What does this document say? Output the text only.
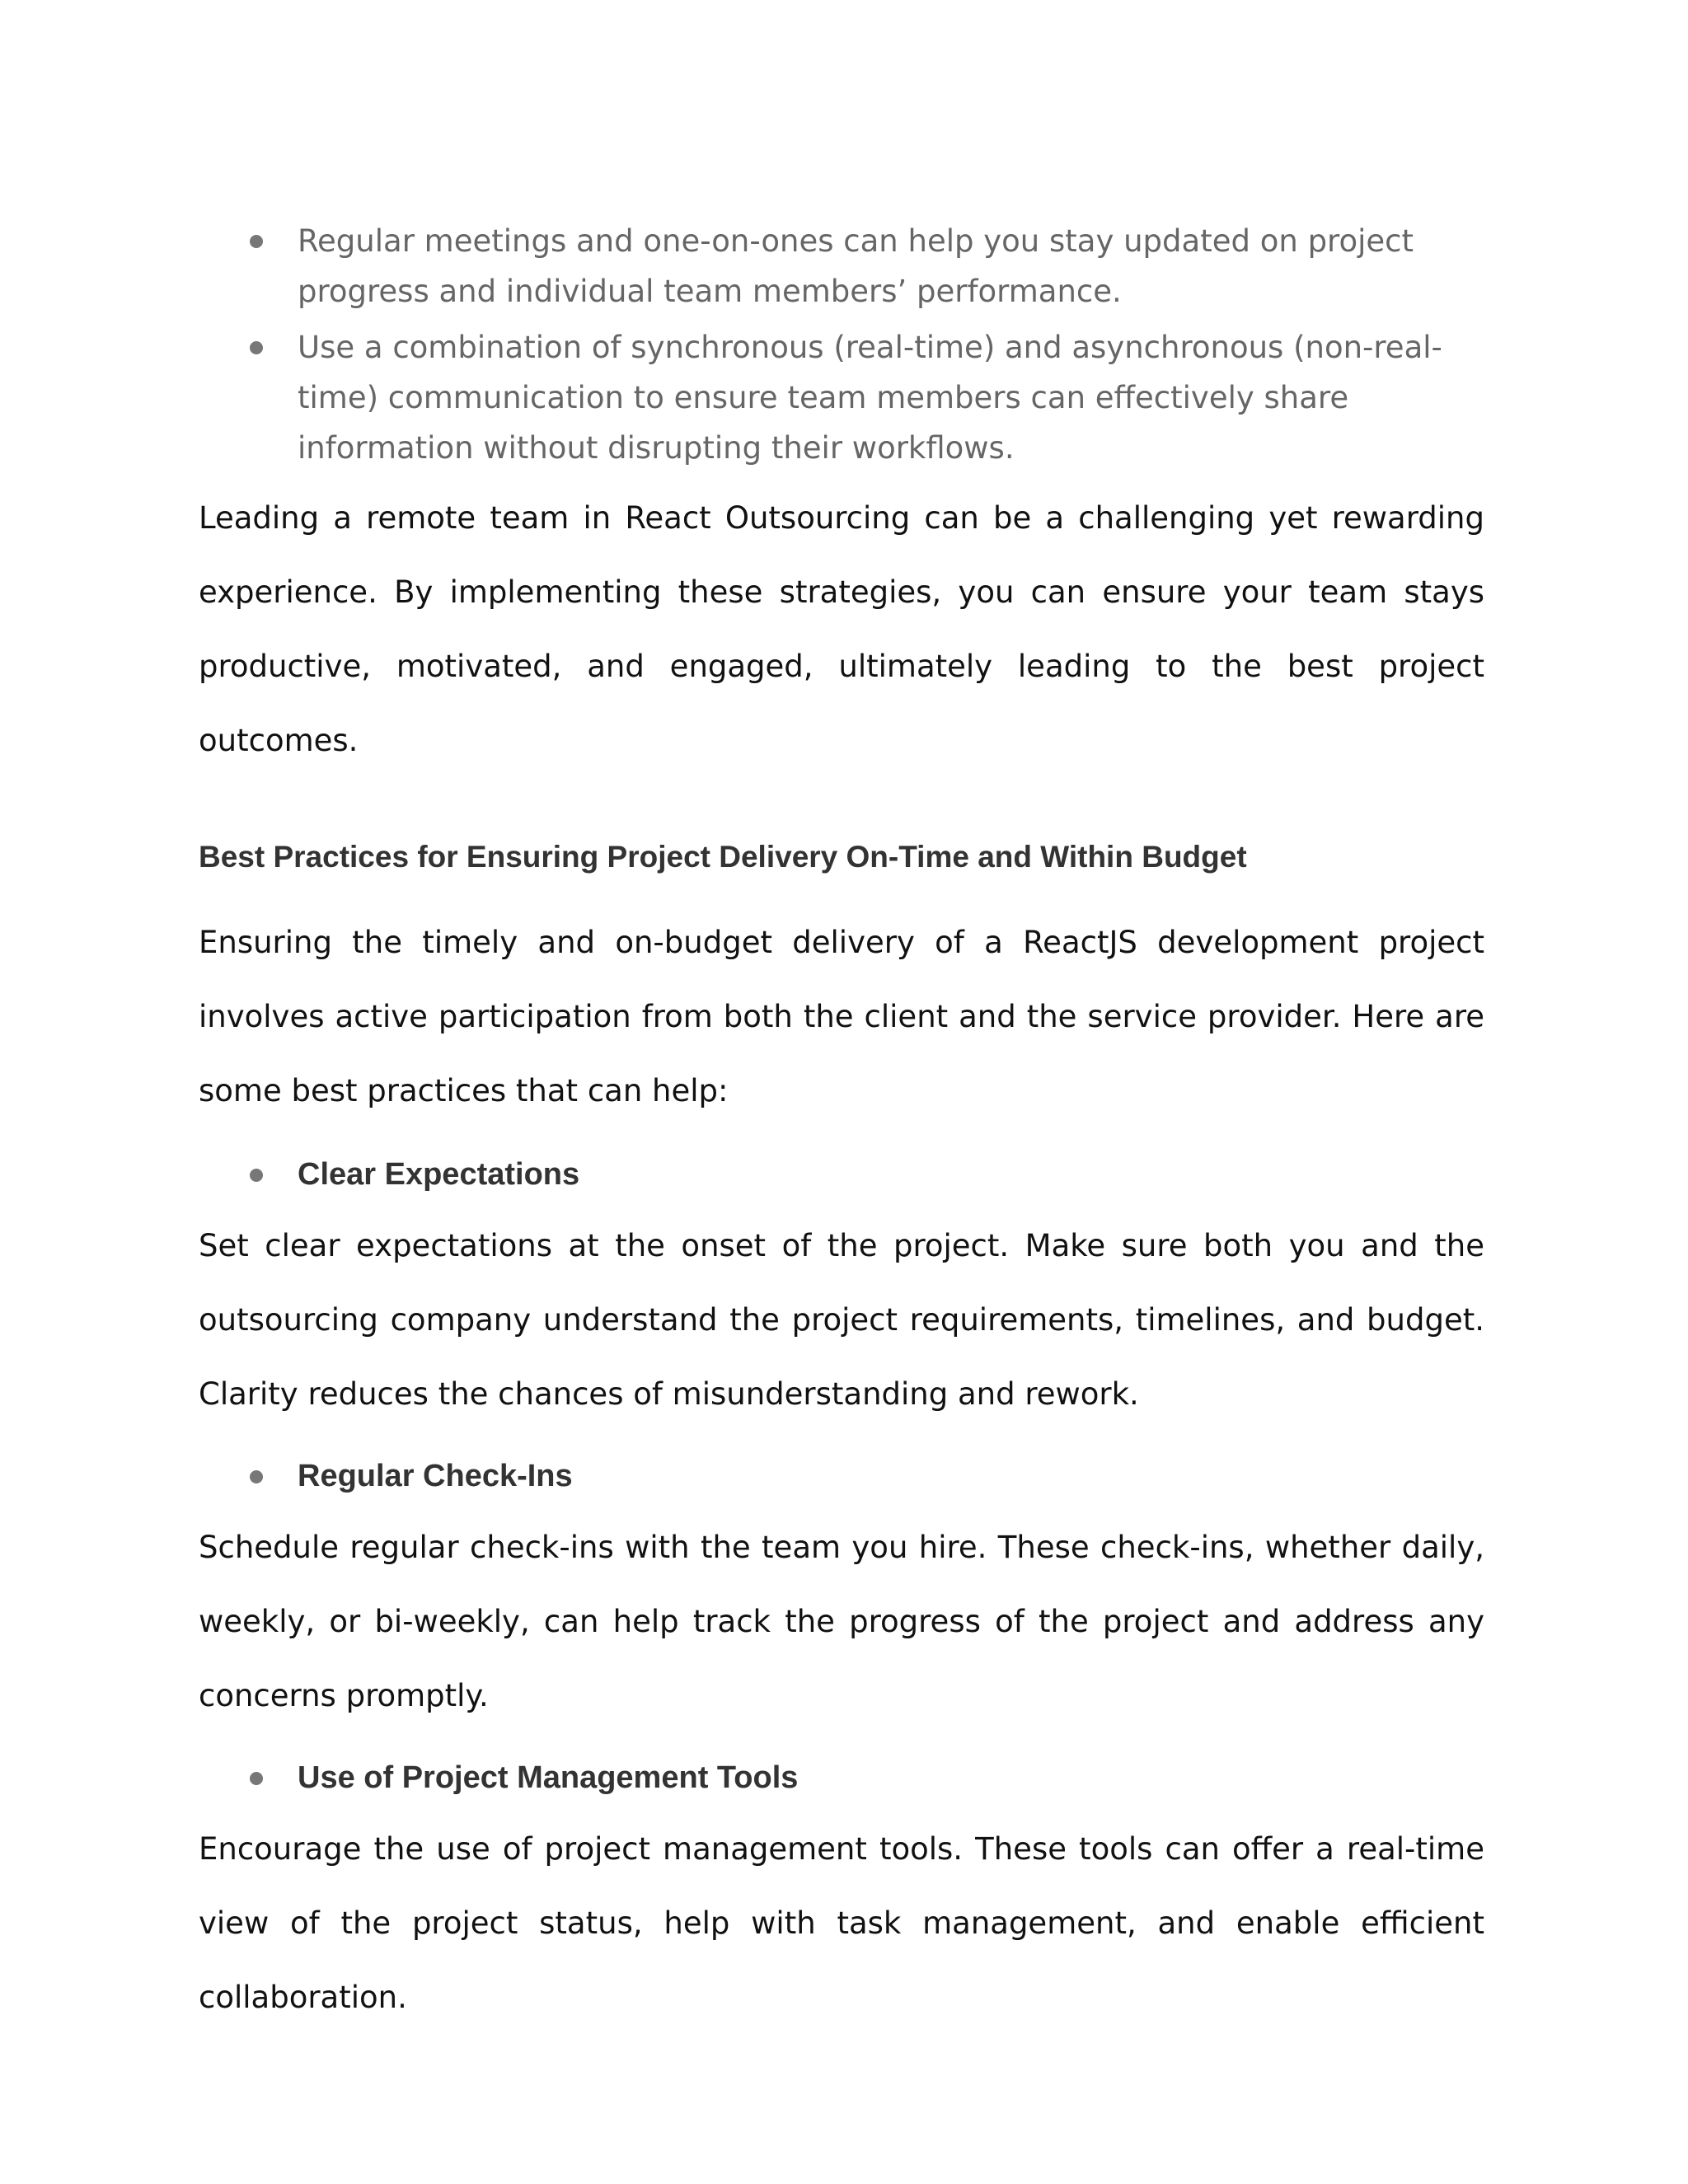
Regular meetings and one-on-ones can help you stay updated on project progress and individual team members’ performance.
Use a combination of synchronous (real-time) and asynchronous (non-real-time) communication to ensure team members can effectively share information without disrupting their workflows.

Leading a remote team in React Outsourcing can be a challenging yet rewarding experience. By implementing these strategies, you can ensure your team stays productive, motivated, and engaged, ultimately leading to the best project outcomes.

Best Practices for Ensuring Project Delivery On-Time and Within Budget

Ensuring the timely and on-budget delivery of a ReactJS development project involves active participation from both the client and the service provider. Here are some best practices that can help:

Clear Expectations

Set clear expectations at the onset of the project. Make sure both you and the outsourcing company understand the project requirements, timelines, and budget. Clarity reduces the chances of misunderstanding and rework.

Regular Check-Ins

Schedule regular check-ins with the team you hire. These check-ins, whether daily, weekly, or bi-weekly, can help track the progress of the project and address any concerns promptly.

Use of Project Management Tools

Encourage the use of project management tools. These tools can offer a real-time view of the project status, help with task management, and enable efficient collaboration.
